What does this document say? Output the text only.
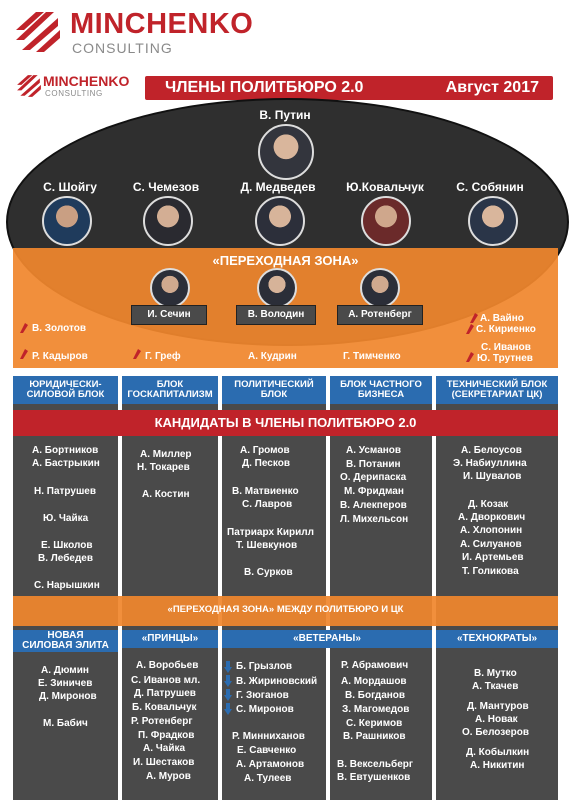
MINCHENKO
CONSULTING
MINCHENKO
CONSULTING	ЧЛЕНЫ ПОЛИТБЮРО 2.0	Август 2017
«ПЕРЕХОДНАЯ ЗОНА»
В. Путин
С. Шойгу	С. Чемезов	Д. Медведев	Ю.Ковальчук	С. Собянин
И. Сечин	В. Володин	А. Ротенберг
В. Золотов
Р. Кадыров	Г. Греф	А. Кудрин	Г. Тимченко
А. Вайно
С. Кириенко
С. Иванов
Ю. Трутнев
ЮРИДИЧЕСКИ-
СИЛОВОЙ БЛОК
БЛОК
ГОСКАПИТАЛИЗМ
ПОЛИТИЧЕСКИЙ
БЛОК
БЛОК ЧАСТНОГО
БИЗНЕСА
ТЕХНИЧЕСКИЙ БЛОК
(СЕКРЕТАРИАТ ЦК)
КАНДИДАТЫ В ЧЛЕНЫ ПОЛИТБЮРО 2.0
А. Бортников
А. Бастрыкин
Н. Патрушев
Ю. Чайка
Е. Школов
В. Лебедев
С. Нарышкин
А. Миллер
Н. Токарев
А. Костин
А. Громов
Д. Песков
В. Матвиенко
С. Лавров
Патриарх Кирилл
Т. Шевкунов
В. Сурков
А. Усманов
В. Потанин
О. Дерипаска
М. Фридман
В. Алекперов
Л. Михельсон
А. Белоусов
Э. Набиуллина
И. Шувалов
Д. Козак
А. Дворкович
А. Хлопонин
А. Силуанов
И. Артемьев
Т. Голикова
«ПЕРЕХОДНАЯ ЗОНА» МЕЖДУ ПОЛИТБЮРО И ЦК
НОВАЯ
СИЛОВАЯ ЭЛИТА
«ПРИНЦЫ»	«ВЕТЕРАНЫ»	«ТЕХНОКРАТЫ»
А. Дюмин
Е. Зиничев
Д. Миронов
М. Бабич
А. Воробьев
С. Иванов мл.
Д. Патрушев
Б. Ковальчук
Р. Ротенберг
П. Фрадков
А. Чайка
И. Шестаков
А. Муров
Б. Грызлов
В. Жириновский
Г. Зюганов
С. Миронов
Р. Минниханов
Е. Савченко
А. Артамонов
А. Тулеев
Р. Абрамович
А. Мордашов
В. Богданов
З. Магомедов
С. Керимов
В. Рашников
В. Вексельберг
В. Евтушенков
В. Мутко
А. Ткачев
Д. Мантуров
А. Новак
О. Белозеров
Д. Кобылкин
А. Никитин
